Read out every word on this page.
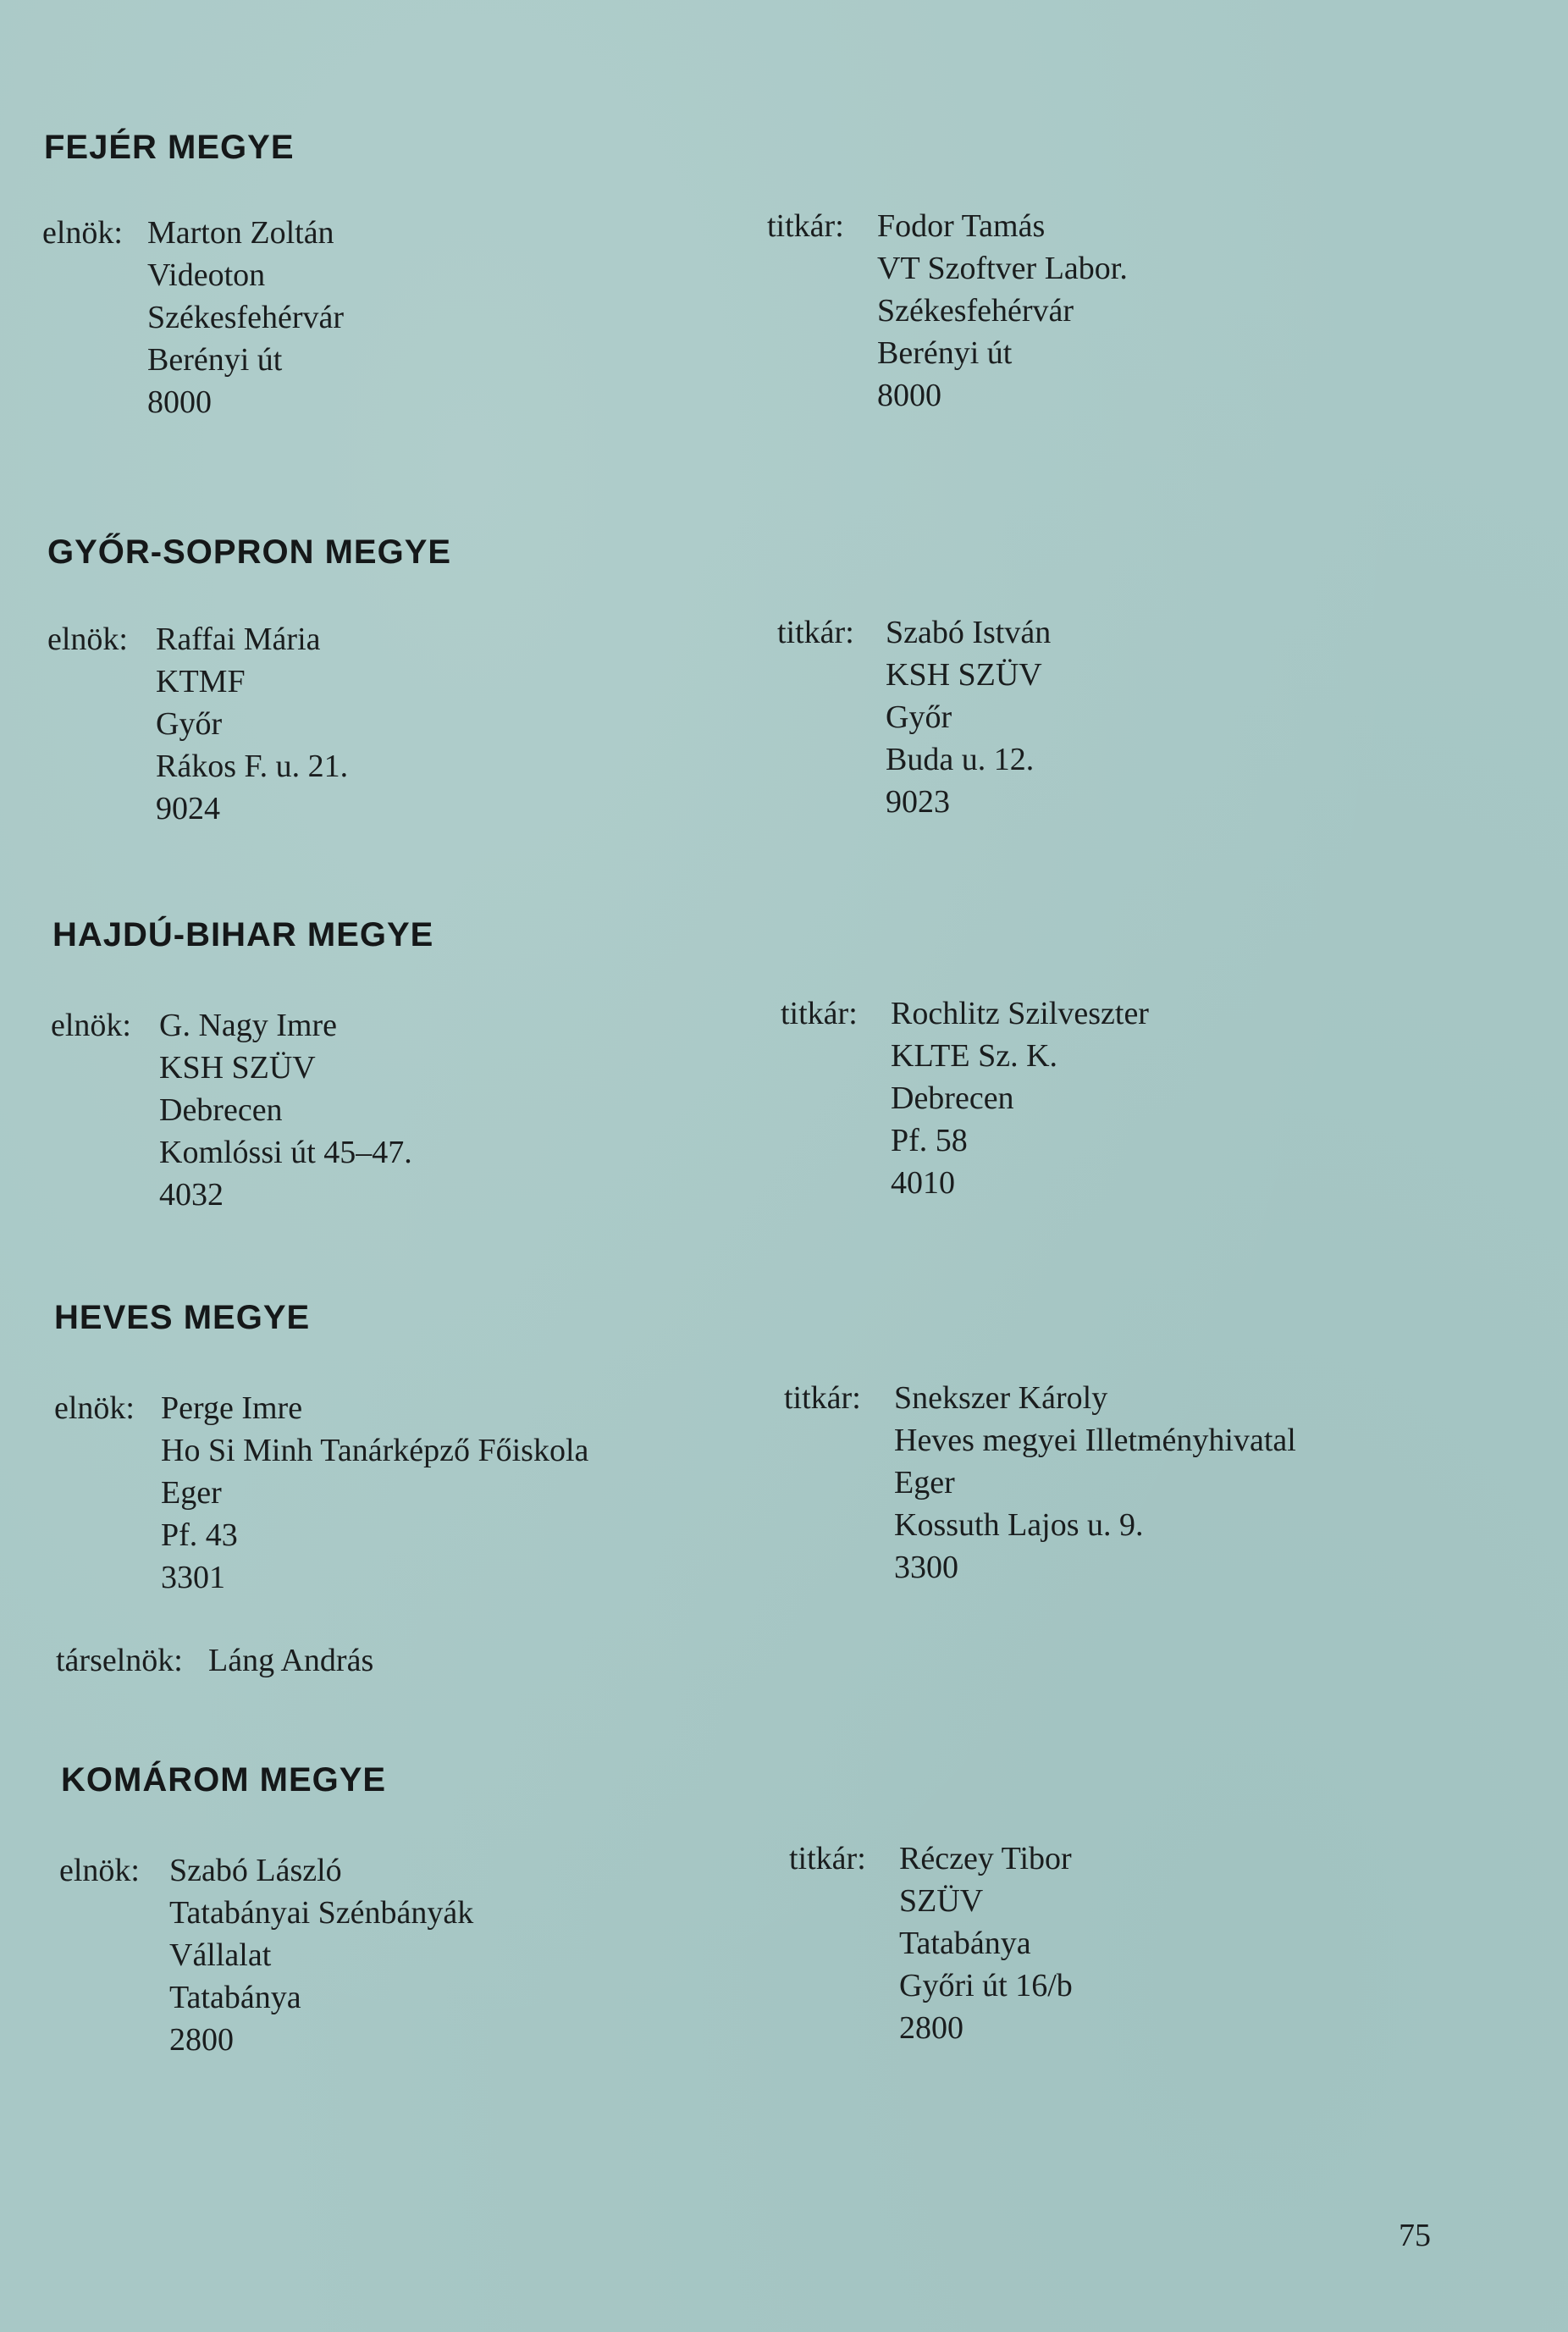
FEJÉR MEGYE
elnök: Marton Zoltán
Videoton
Székesfehérvár
Berényi út
8000
titkár: Fodor Tamás
VT Szoftver Labor.
Székesfehérvár
Berényi út
8000
GYŐR-SOPRON MEGYE
elnök: Raffai Mária
KTMF
Győr
Rákos F. u. 21.
9024
titkár: Szabó István
KSH SZÜV
Győr
Buda u. 12.
9023
HAJDÚ-BIHAR MEGYE
elnök: G. Nagy Imre
KSH SZÜV
Debrecen
Komlóssi út 45–47.
4032
titkár: Rochlitz Szilveszter
KLTE Sz. K.
Debrecen
Pf. 58
4010
HEVES MEGYE
elnök: Perge Imre
Ho Si Minh Tanárképző Főiskola
Eger
Pf. 43
3301
titkár: Snekszer Károly
Heves megyei Illetményhivatal
Eger
Kossuth Lajos u. 9.
3300
társelnök: Láng András
KOMÁROM MEGYE
elnök: Szabó László
Tatabányai Szénbányák
Vállalat
Tatabánya
2800
titkár: Réczey Tibor
SZÜV
Tatabánya
Győri út 16/b
2800
75
